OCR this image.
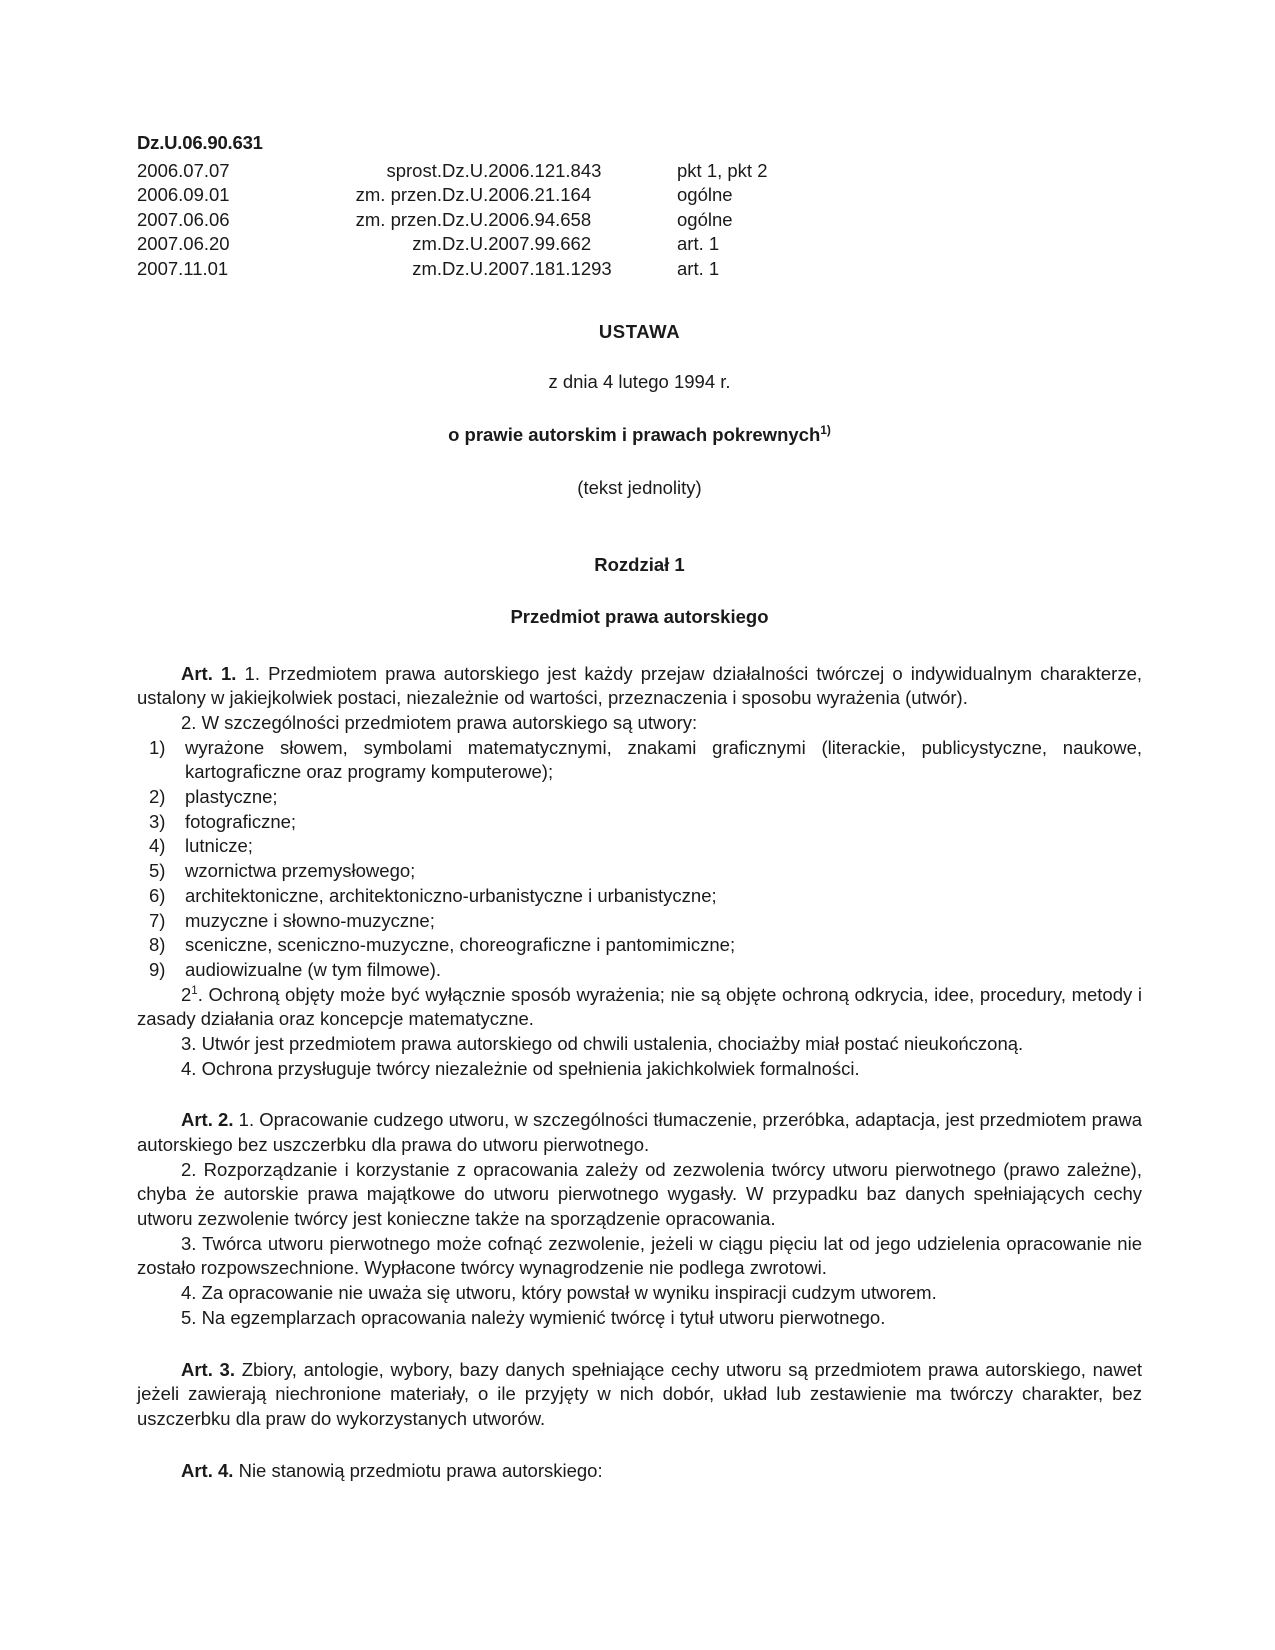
Dz.U.06.90.631
2006.07.07	sprost.	Dz.U.2006.121.843	pkt 1, pkt 2
2006.09.01	zm. przen.	Dz.U.2006.21.164	ogólne
2007.06.06	zm. przen.	Dz.U.2006.94.658	ogólne
2007.06.20	zm.	Dz.U.2007.99.662	art. 1
2007.11.01	zm.	Dz.U.2007.181.1293	art. 1
USTAWA
z dnia 4 lutego 1994 r.
o prawie autorskim i prawach pokrewnych$^{1)}$
(tekst jednolity)
Rozdział 1
Przedmiot prawa autorskiego

Art. 1. 1. Przedmiotem prawa autorskiego jest każdy przejaw działalności twórczej o indywidualnym charakterze, ustalony w jakiejkolwiek postaci, niezależnie od wartości, przeznaczenia i sposobu wyrażenia (utwór).

2. W szczególności przedmiotem prawa autorskiego są utwory:

1)	wyrażone słowem, symbolami matematycznymi, znakami graficznymi (literackie, publicystyczne, naukowe, kartograficzne oraz programy komputerowe);
2)	plastyczne;
3)	fotograficzne;
4)	lutnicze;
5)	wzornictwa przemysłowego;
6)	architektoniczne, architektoniczno-urbanistyczne i urbanistyczne;
7)	muzyczne i słowno-muzyczne;
8)	sceniczne, sceniczno-muzyczne, choreograficzne i pantomimiczne;
9)	audiowizualne (w tym filmowe).

$2^1$. Ochroną objęty może być wyłącznie sposób wyrażenia; nie są objęte ochroną odkrycia, idee, procedury, metody i zasady działania oraz koncepcje matematyczne.

3. Utwór jest przedmiotem prawa autorskiego od chwili ustalenia, chociażby miał postać nieukończoną.

4. Ochrona przysługuje twórcy niezależnie od spełnienia jakichkolwiek formalności.

Art. 2. 1. Opracowanie cudzego utworu, w szczególności tłumaczenie, przeróbka, adaptacja, jest przedmiotem prawa autorskiego bez uszczerbku dla prawa do utworu pierwotnego.

2. Rozporządzanie i korzystanie z opracowania zależy od zezwolenia twórcy utworu pierwotnego (prawo zależne), chyba że autorskie prawa majątkowe do utworu pierwotnego wygasły. W przypadku baz danych spełniających cechy utworu zezwolenie twórcy jest konieczne także na sporządzenie opracowania.

3. Twórca utworu pierwotnego może cofnąć zezwolenie, jeżeli w ciągu pięciu lat od jego udzielenia opracowanie nie zostało rozpowszechnione. Wypłacone twórcy wynagrodzenie nie podlega zwrotowi.

4. Za opracowanie nie uważa się utworu, który powstał w wyniku inspiracji cudzym utworem.

5. Na egzemplarzach opracowania należy wymienić twórcę i tytuł utworu pierwotnego.

Art. 3. Zbiory, antologie, wybory, bazy danych spełniające cechy utworu są przedmiotem prawa autorskiego, nawet jeżeli zawierają niechronione materiały, o ile przyjęty w nich dobór, układ lub zestawienie ma twórczy charakter, bez uszczerbku dla praw do wykorzystanych utworów.

Art. 4. Nie stanowią przedmiotu prawa autorskiego:
